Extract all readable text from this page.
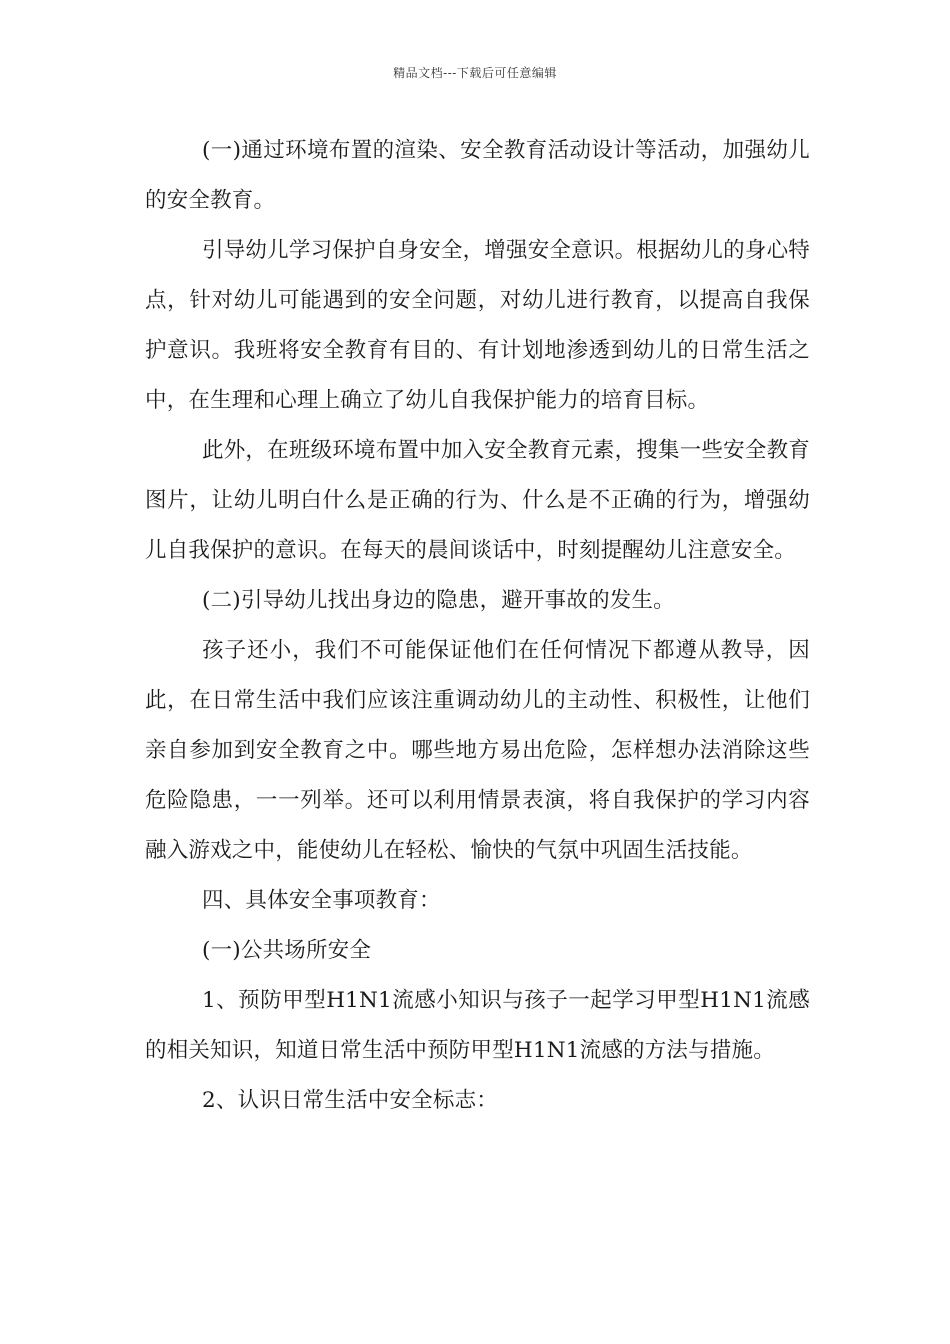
精品文档---下载后可任意编辑

(一)通过环境布置的渲染、安全教育活动设计等活动，加强幼儿的安全教育。

引导幼儿学习保护自身安全，增强安全意识。根据幼儿的身心特点，针对幼儿可能遇到的安全问题，对幼儿进行教育，以提高自我保护意识。我班将安全教育有目的、有计划地渗透到幼儿的日常生活之中，在生理和心理上确立了幼儿自我保护能力的培育目标。

此外，在班级环境布置中加入安全教育元素，搜集一些安全教育图片，让幼儿明白什么是正确的行为、什么是不正确的行为，增强幼儿自我保护的意识。在每天的晨间谈话中，时刻提醒幼儿注意安全。

(二)引导幼儿找出身边的隐患，避开事故的发生。

孩子还小，我们不可能保证他们在任何情况下都遵从教导，因此，在日常生活中我们应该注重调动幼儿的主动性、积极性，让他们亲自参加到安全教育之中。哪些地方易出危险，怎样想办法消除这些危险隐患，一一列举。还可以利用情景表演，将自我保护的学习内容融入游戏之中，能使幼儿在轻松、愉快的气氛中巩固生活技能。

四、具体安全事项教育：

(一)公共场所安全

1、预防甲型H1N1流感小知识与孩子一起学习甲型H1N1流感的相关知识，知道日常生活中预防甲型H1N1流感的方法与措施。

2、认识日常生活中安全标志：
